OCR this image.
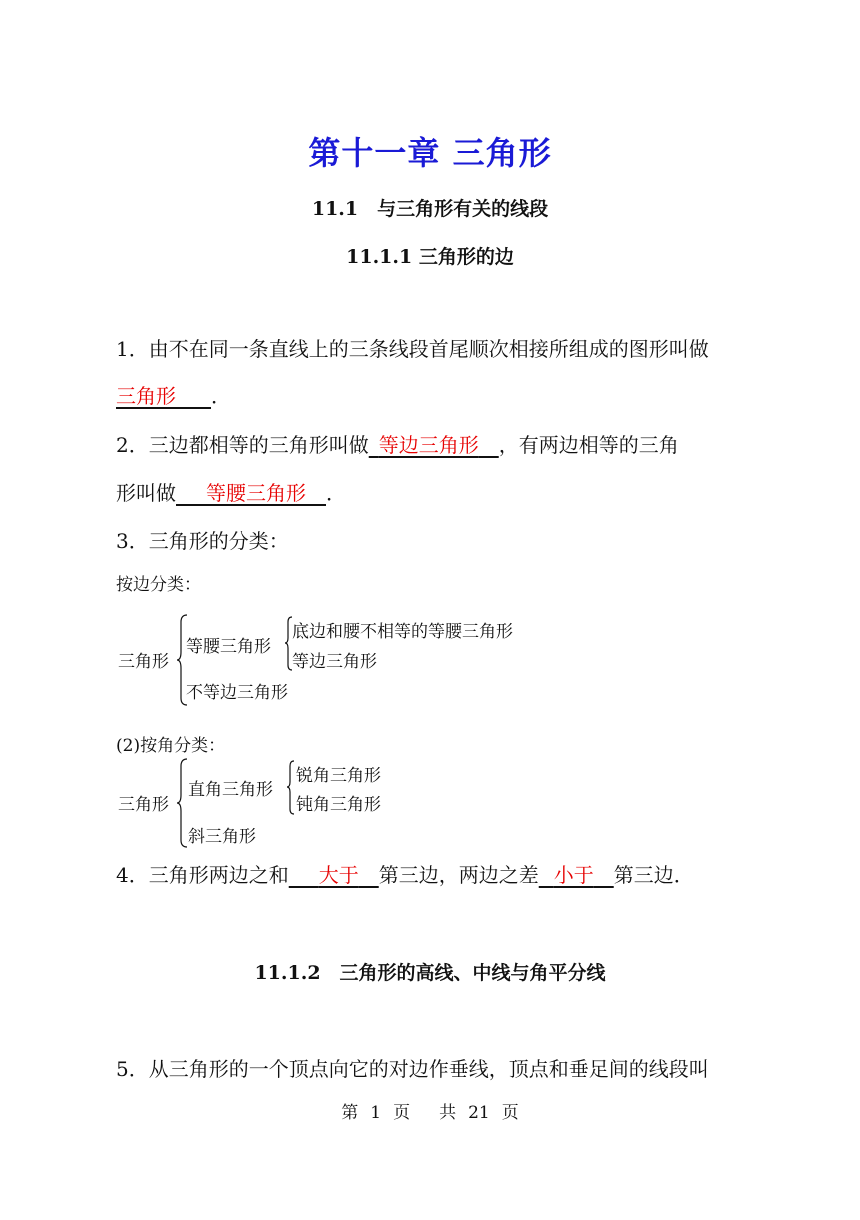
第十一章 三角形
11.1　与三角形有关的线段
11.1.1 三角形的边
1．由不在同一条直线上的三条线段首尾顺次相接所组成的图形叫做
三角形    ．
2．三边都相等的三角形叫做  等边三角形  ，有两边相等的三角
形叫做   等腰三角形  ．
3．三角形的分类：
按边分类：
三角形
等腰三角形
底边和腰不相等的等腰三角形
等边三角形
不等边三角形
(2)按角分类：
三角形
直角三角形
锐角三角形
钝角三角形
斜三角形
4．三角形两边之和   大于  第三边，两边之差   小于  第三边．
11.1.2　三角形的高线、中线与角平分线
5．从三角形的一个顶点向它的对边作垂线，顶点和垂足间的线段叫
第 1 页  共 21 页
